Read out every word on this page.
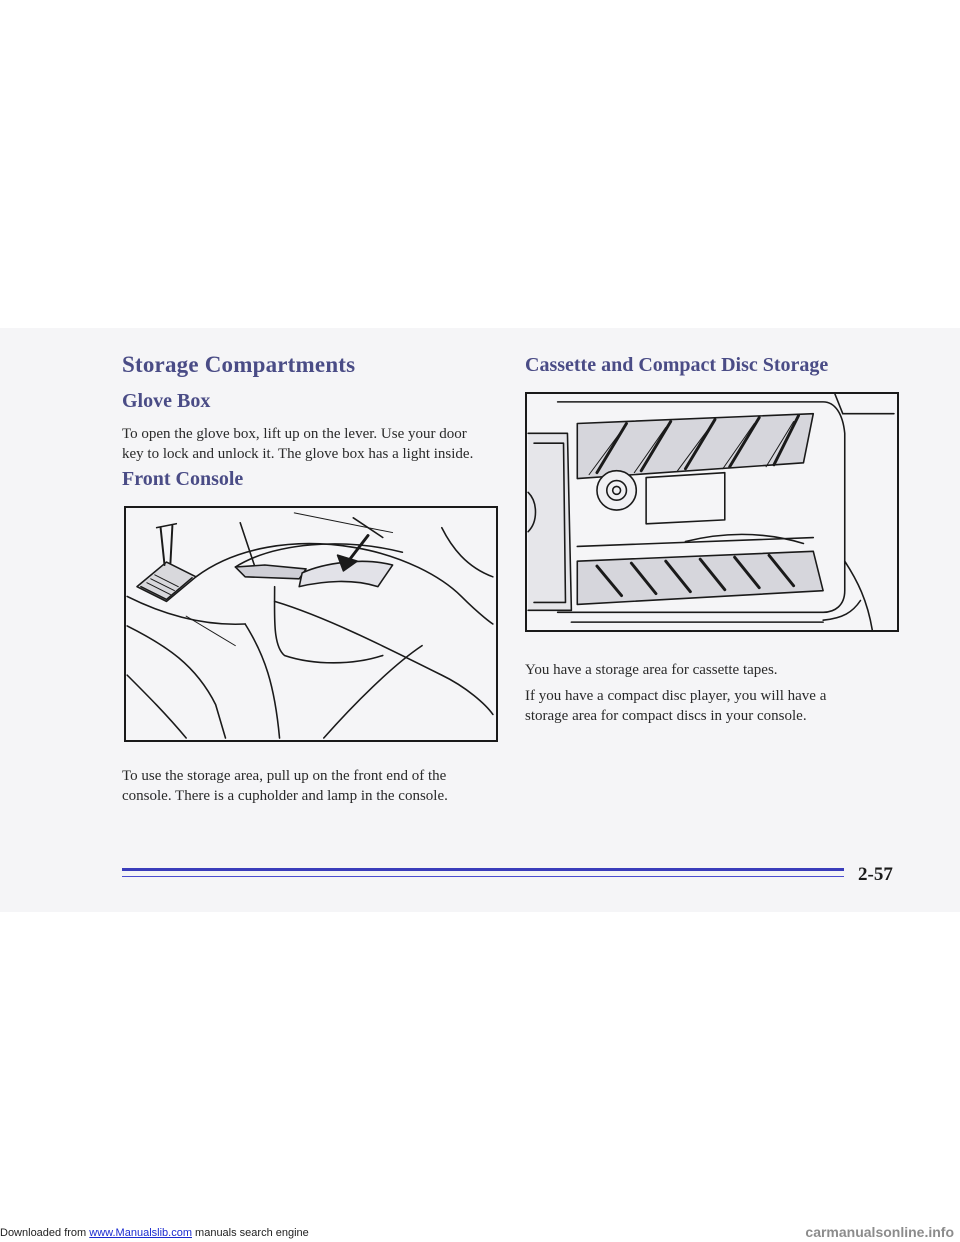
Storage Compartments
Glove Box

To open the glove box, lift up on the lever. Use your door

key to lock and unlock it. The glove box has a light inside.

Front Console

To use the storage area, pull up on the front end of the

console. There is a cupholder and lamp in the console.

Cassette and Compact Disc Storage

You have a storage area for cassette tapes.

If you have a compact disc player, you will have a

storage area for compact discs in your console.

2-57

Downloaded from www.Manualslib.com manuals search engine	carmanualsonline.info
